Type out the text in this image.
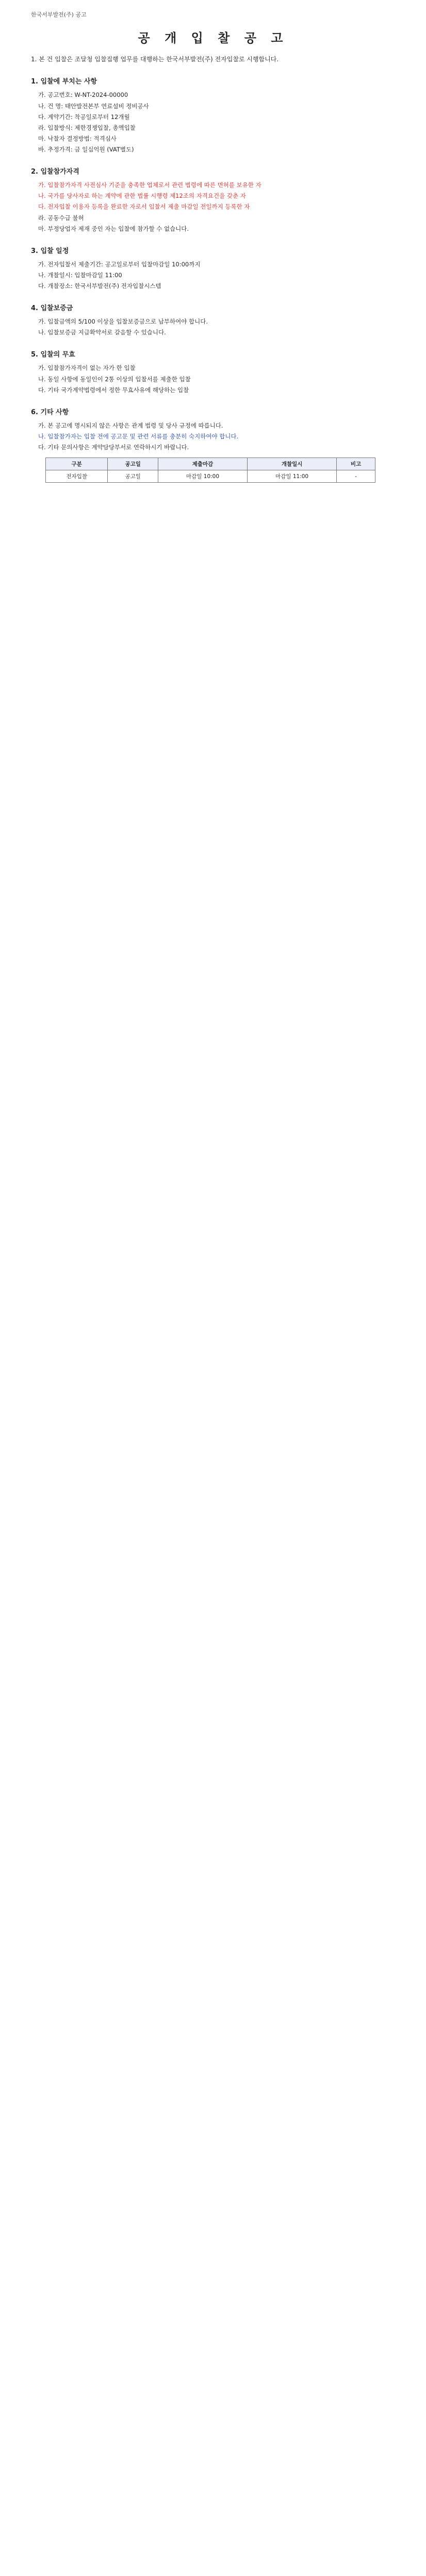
한국서부발전(주) 공고
공 개 입 찰 공 고
1. 본 건 입찰은 조달청 입찰집행 업무를 대행하는 한국서부발전(주) 전자입찰로 시행합니다.
1. 입찰에 부치는 사항
가. 공고번호: W-NT-2024-00000
나. 건 명: 태안발전본부 연료설비 정비공사
다. 계약기간: 착공일로부터 12개월
라. 입찰방식: 제한경쟁입찰, 총액입찰
마. 낙찰자 결정방법: 적격심사
바. 추정가격: 금 일십억원 (VAT별도)
2. 입찰참가자격
가. 입찰참가자격 사전심사 기준을 충족한 업체로서 관련 법령에 따른 면허를 보유한 자
나. 국가를 당사자로 하는 계약에 관한 법률 시행령 제12조의 자격요건을 갖춘 자
다. 전자입찰 이용자 등록을 완료한 자로서 입찰서 제출 마감일 전일까지 등록한 자
라. 공동수급 불허
마. 부정당업자 제재 중인 자는 입찰에 참가할 수 없습니다.
3. 입찰 일정
가. 전자입찰서 제출기간: 공고일로부터 입찰마감일 10:00까지
나. 개찰일시: 입찰마감일 11:00
다. 개찰장소: 한국서부발전(주) 전자입찰시스템
4. 입찰보증금
가. 입찰금액의 5/100 이상을 입찰보증금으로 납부하여야 합니다.
나. 입찰보증금 지급확약서로 갈음할 수 있습니다.
5. 입찰의 무효
가. 입찰참가자격이 없는 자가 한 입찰
나. 동일 사항에 동일인이 2통 이상의 입찰서를 제출한 입찰
다. 기타 국가계약법령에서 정한 무효사유에 해당하는 입찰
6. 기타 사항
가. 본 공고에 명시되지 않은 사항은 관계 법령 및 당사 규정에 따릅니다.
나. 입찰참가자는 입찰 전에 공고문 및 관련 서류를 충분히 숙지하여야 합니다.
다. 기타 문의사항은 계약담당부서로 연락하시기 바랍니다.
구분	공고일	제출마감	개찰일시	비고
전자입찰	공고일	마감일 10:00	마감일 11:00	-
